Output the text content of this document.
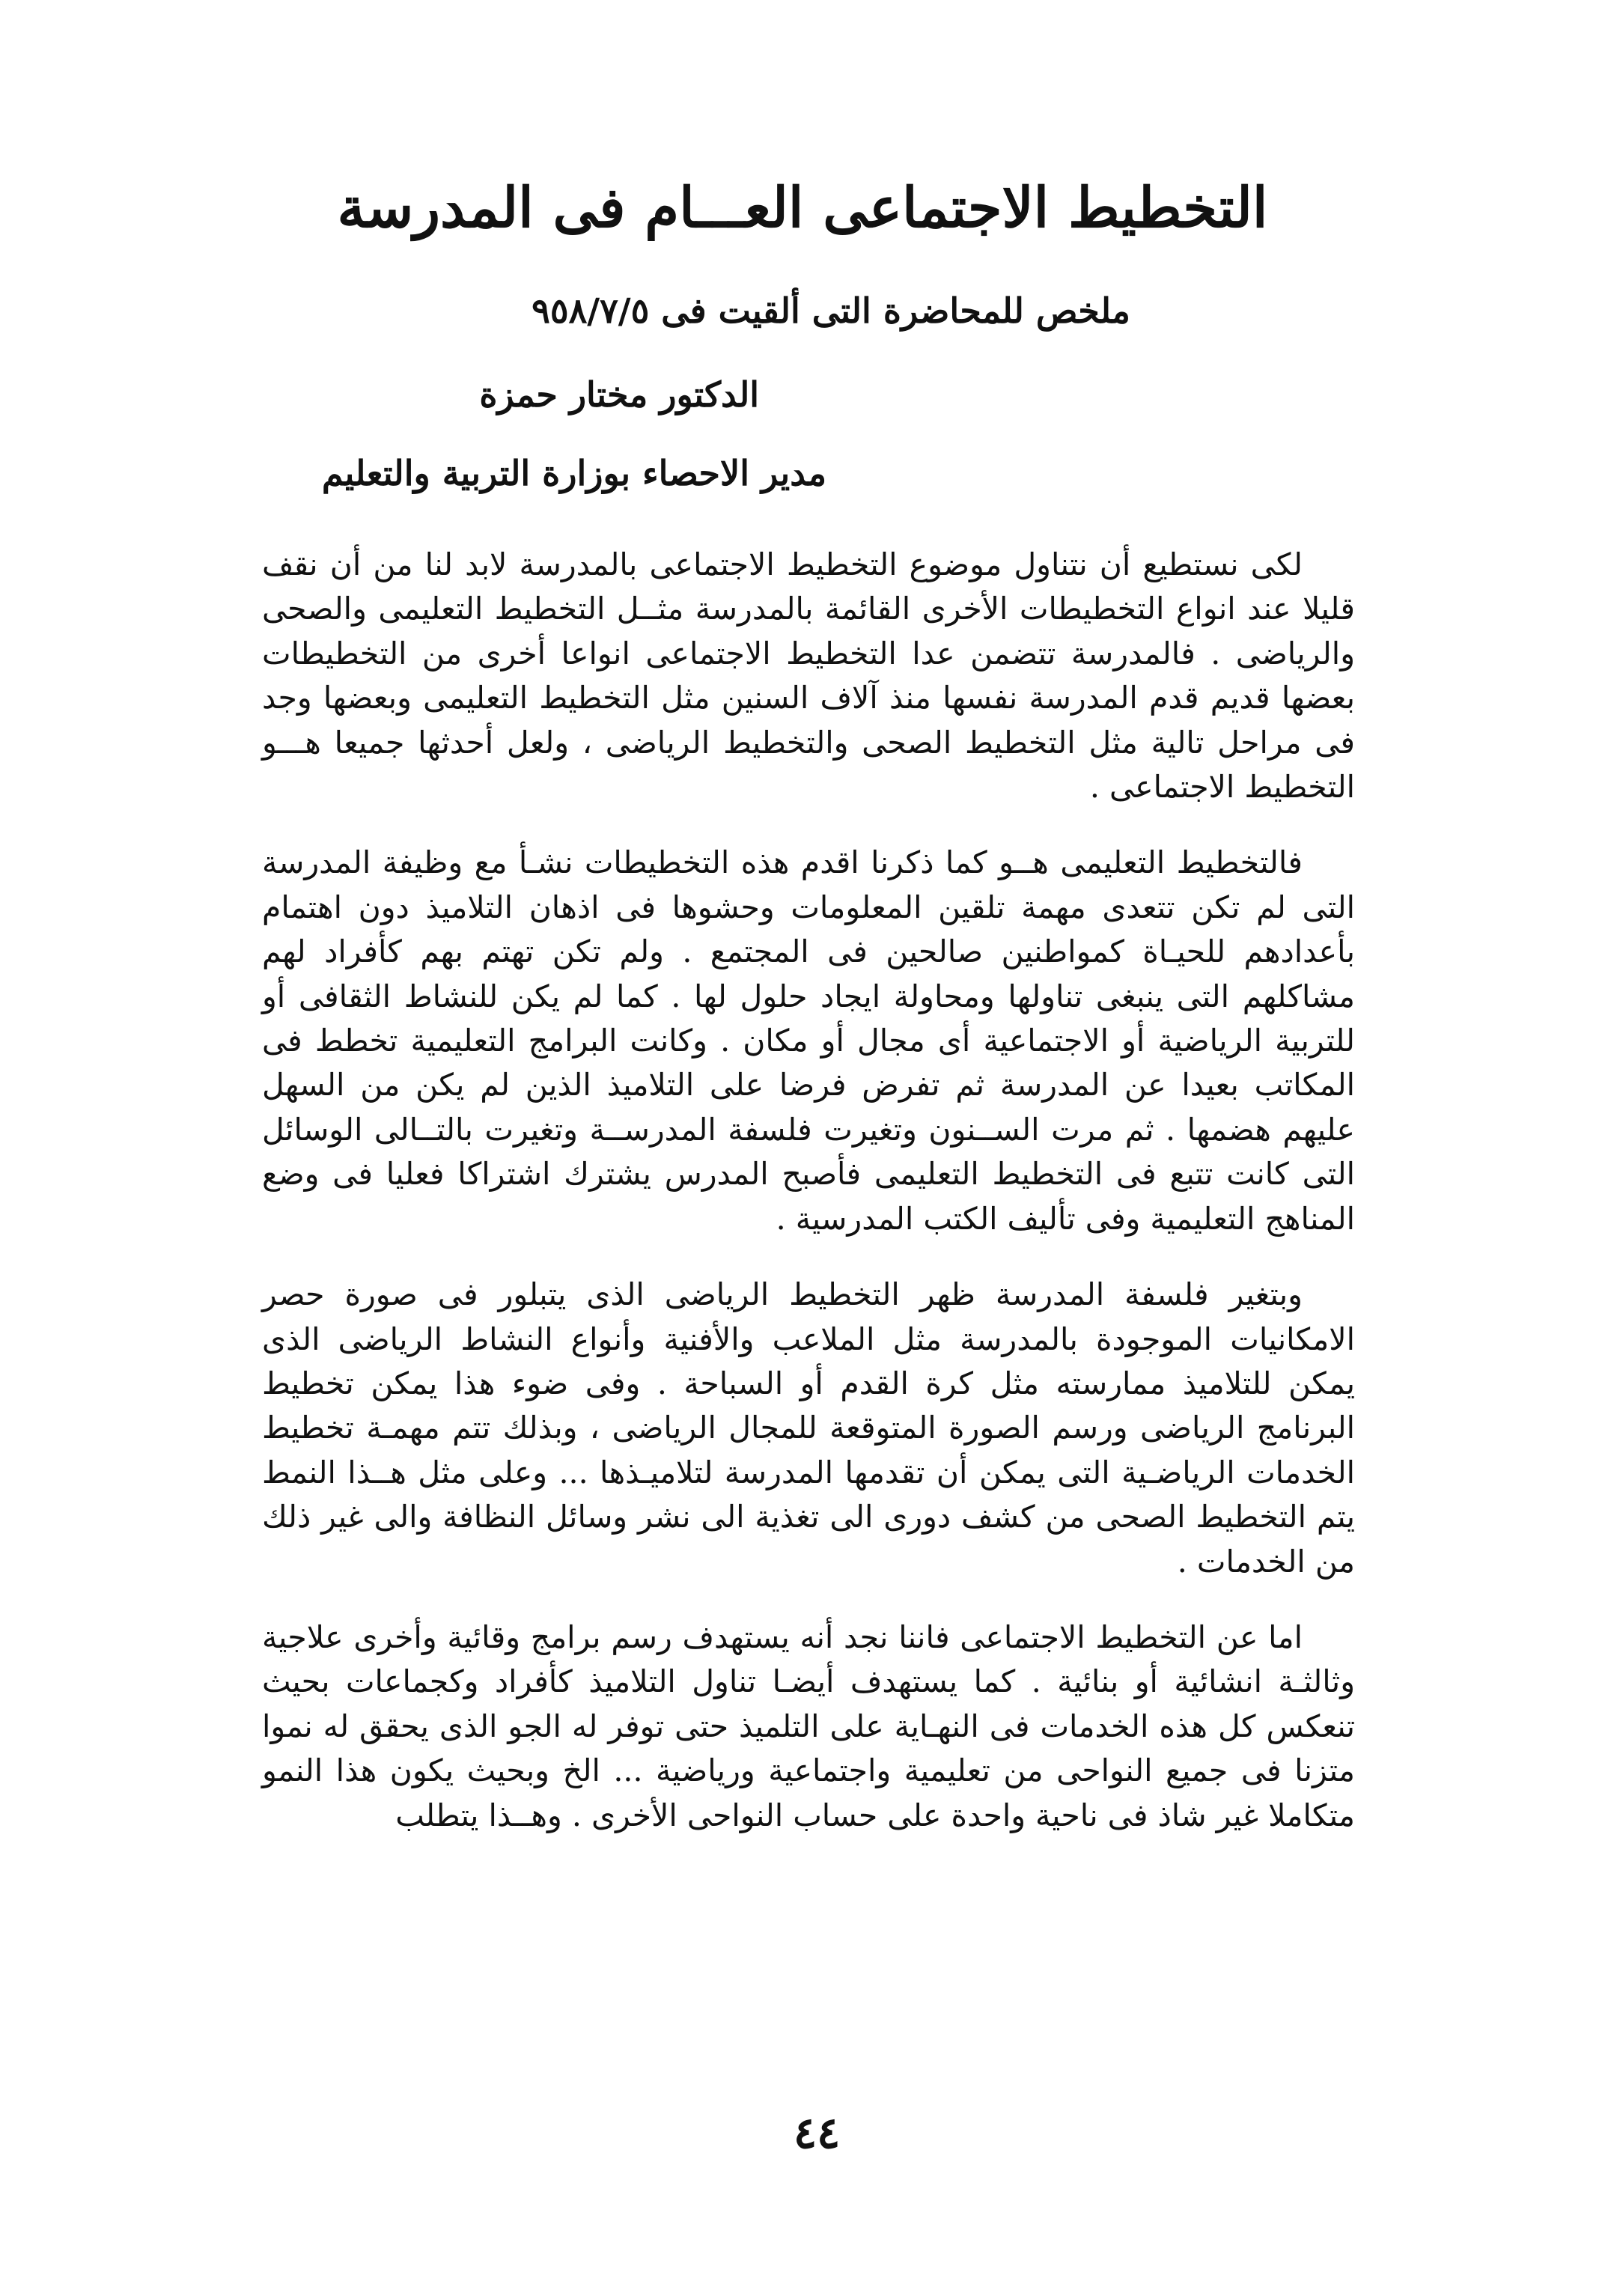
التخطيط الاجتماعى العـــام فى المدرسة
ملخص للمحاضرة التى ألقيت فى ٩٥٨/٧/٥
الدكتور مختار حمزة
مدير الاحصاء بوزارة التربية والتعليم

لكى نستطيع أن نتناول موضوع التخطيط الاجتماعى بالمدرسة لابد لنا من أن نقف قليلا عند انواع التخطيطات الأخرى القائمة بالمدرسة مثــل التخطيط التعليمى والصحى والرياضى . فالمدرسة تتضمن عدا التخطيط الاجتماعى انواعا أخرى من التخطيطات بعضها قديم قدم المدرسة نفسها منذ آلاف السنين مثل التخطيط التعليمى وبعضها وجد فى مراحل تالية مثل التخطيط الصحى والتخطيط الرياضى ، ولعل أحدثها جميعا هـــو التخطيط الاجتماعى .

فالتخطيط التعليمى هــو كما ذكرنا اقدم هذه التخطيطات نشـأ مع وظيفة المدرسة التى لم تكن تتعدى مهمة تلقين المعلومات وحشوها فى اذهان التلاميذ دون اهتمام بأعدادهم للحيـاة كمواطنين صالحين فى المجتمع . ولم تكن تهتم بهم كأفراد لهم مشاكلهم التى ينبغى تناولها ومحاولة ايجاد حلول لها . كما لم يكن للنشاط الثقافى أو للتربية الرياضية أو الاجتماعية أى مجال أو مكان . وكانت البرامج التعليمية تخطط فى المكاتب بعيدا عن المدرسة ثم تفرض فرضا على التلاميذ الذين لم يكن من السهل عليهم هضمها . ثم مرت الســنون وتغيرت فلسفة المدرســة وتغيرت بالتــالى الوسائل التى كانت تتبع فى التخطيط التعليمى فأصبح المدرس يشترك اشتراكا فعليا فى وضع المناهج التعليمية وفى تأليف الكتب المدرسية .

وبتغير فلسفة المدرسة ظهر التخطيط الرياضى الذى يتبلور فى صورة حصر الامكانيات الموجودة بالمدرسة مثل الملاعب والأفنية وأنواع النشاط الرياضى الذى يمكن للتلاميذ ممارسته مثل كرة القدم أو السباحة . وفى ضوء هذا يمكن تخطيط البرنامج الرياضى ورسم الصورة المتوقعة للمجال الرياضى ، وبذلك تتم مهمـة تخطيط الخدمات الرياضـية التى يمكن أن تقدمها المدرسة لتلاميـذها ... وعلى مثل هــذا النمط يتم التخطيط الصحى من كشف دورى الى تغذية الى نشر وسائل النظافة والى غير ذلك من الخدمات .

اما عن التخطيط الاجتماعى فاننا نجد أنه يستهدف رسم برامج وقائية وأخرى علاجية وثالثـة انشائية أو بنائية . كما يستهدف أيضـا تناول التلاميذ كأفراد وكجماعات بحيث تنعكس كل هذه الخدمات فى النهـاية على التلميذ حتى توفر له الجو الذى يحقق له نموا متزنا فى جميع النواحى من تعليمية واجتماعية ورياضية ... الخ وبحيث يكون هذا النمو متكاملا غير شاذ فى ناحية واحدة على حساب النواحى الأخرى . وهــذا يتطلب

٤٤
